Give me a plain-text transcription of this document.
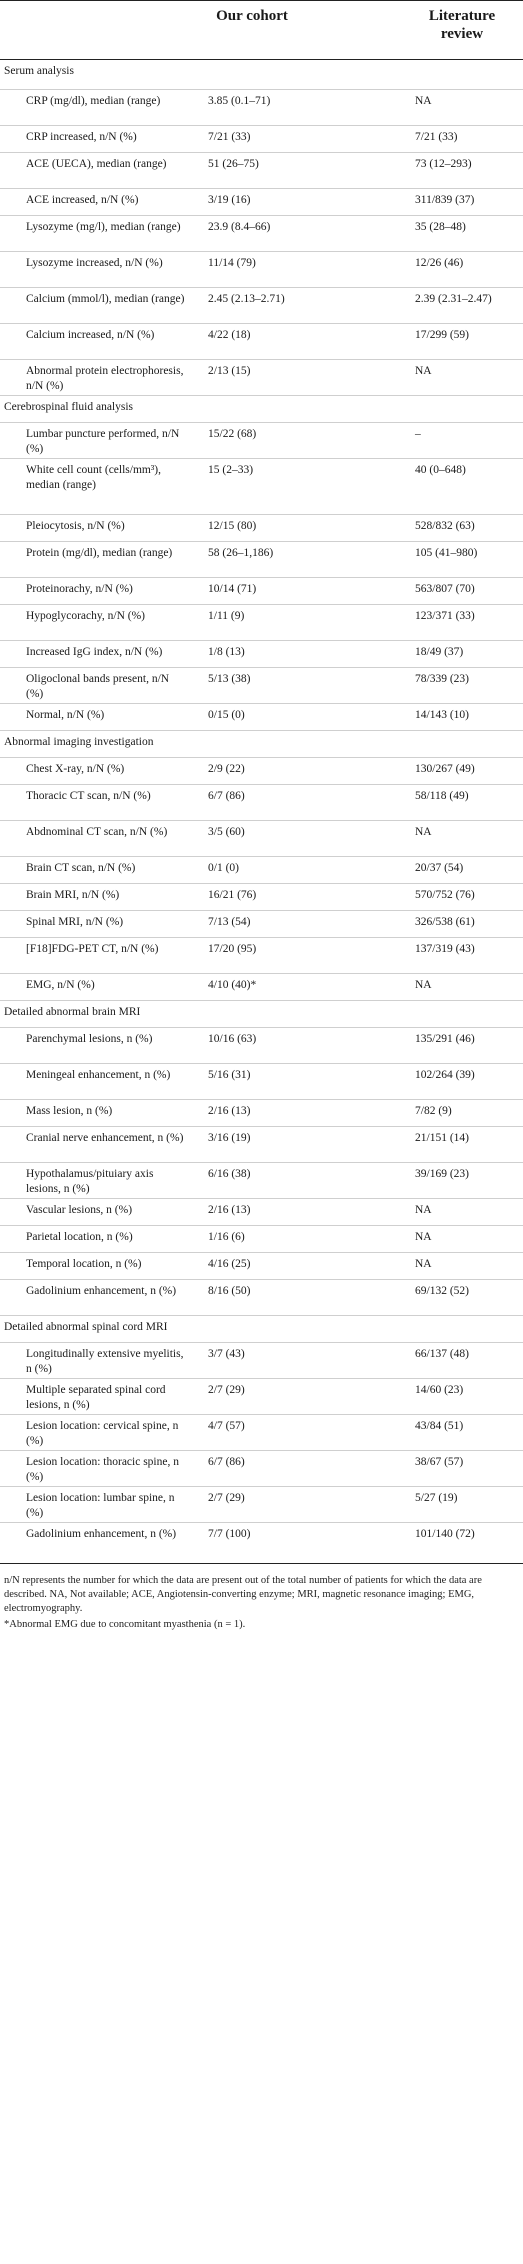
Our cohort	Literature review
Serum analysis
CRP (mg/dl), median (range)	3.85 (0.1–71)	NA
CRP increased, n/N (%)	7/21 (33)	7/21 (33)
ACE (UECA), median (range)	51 (26–75)	73 (12–293)
ACE increased, n/N (%)	3/19 (16)	311/839 (37)
Lysozyme (mg/l), median (range)	23.9 (8.4–66)	35 (28–48)
Lysozyme increased, n/N (%)	11/14 (79)	12/26 (46)
Calcium (mmol/l), median (range) 2.45 (2.13–2.71)	2.39 (2.31–2.47)
Calcium increased, n/N (%)	4/22 (18)	17/299 (59)
Abnormal protein electrophoresis, n/N (%)
2/13 (15)	NA
Cerebrospinal fluid analysis
Lumbar puncture performed, n/N (%)
15/22 (68)	–
White cell count (cells/mm³), median (range)
15 (2–33)	40 (0–648)
Pleiocytosis, n/N (%)	12/15 (80)	528/832 (63)
Protein (mg/dl), median (range)	58 (26–1,186)	105 (41–980)
Proteinorachy, n/N (%)	10/14 (71)	563/807 (70)
Hypoglycorachy, n/N (%)	1/11 (9)	123/371 (33)
Increased IgG index, n/N (%)	1/8 (13)	18/49 (37)
Oligoclonal bands present, n/N (%)
5/13 (38)	78/339 (23)
Normal, n/N (%)	0/15 (0)	14/143 (10)
Abnormal imaging investigation
Chest X-ray, n/N (%)	2/9 (22)	130/267 (49)
Thoracic CT scan, n/N (%)	6/7 (86)	58/118 (49)
Abdnominal CT scan, n/N (%)	3/5 (60)	NA
Brain CT scan, n/N (%)	0/1 (0)	20/37 (54)
Brain MRI, n/N (%)	16/21 (76)	570/752 (76)
Spinal MRI, n/N (%)	7/13 (54)	326/538 (61)
[F18]FDG-PET CT, n/N (%)	17/20 (95)	137/319 (43)
EMG, n/N (%)	4/10 (40)*	NA
Detailed abnormal brain MRI
Parenchymal lesions, n (%)	10/16 (63)	135/291 (46)
Meningeal enhancement, n (%)	5/16 (31)	102/264 (39)
Mass lesion, n (%)	2/16 (13)	7/82 (9)
Cranial nerve enhancement, n (%) 3/16 (19)	21/151 (14)
Hypothalamus/pituiary axis lesions, n (%)
6/16 (38)	39/169 (23)
Vascular lesions, n (%)	2/16 (13)	NA
Parietal location, n (%)	1/16 (6)	NA
Temporal location, n (%)	4/16 (25)	NA
Gadolinium enhancement, n (%)	8/16 (50)	69/132 (52)
Detailed abnormal spinal cord MRI
Longitudinally extensive myelitis, n (%)
3/7 (43)	66/137 (48)
Multiple separated spinal cord lesions, n (%)
2/7 (29)	14/60 (23)
Lesion location: cervical spine, n (%)
4/7 (57)	43/84 (51)
Lesion location: thoracic spine, n (%)
6/7 (86)	38/67 (57)
Lesion location: lumbar spine, n (%)
2/7 (29)	5/27 (19)
Gadolinium enhancement, n (%)	7/7 (100)	101/140 (72)
n/N represents the number for which the data are present out of the total number of patients for which the data are described. NA, Not available; ACE, Angiotensin-converting enzyme; MRI, magnetic resonance imaging; EMG, electromyography.
*Abnormal EMG due to concomitant myasthenia (n = 1).
